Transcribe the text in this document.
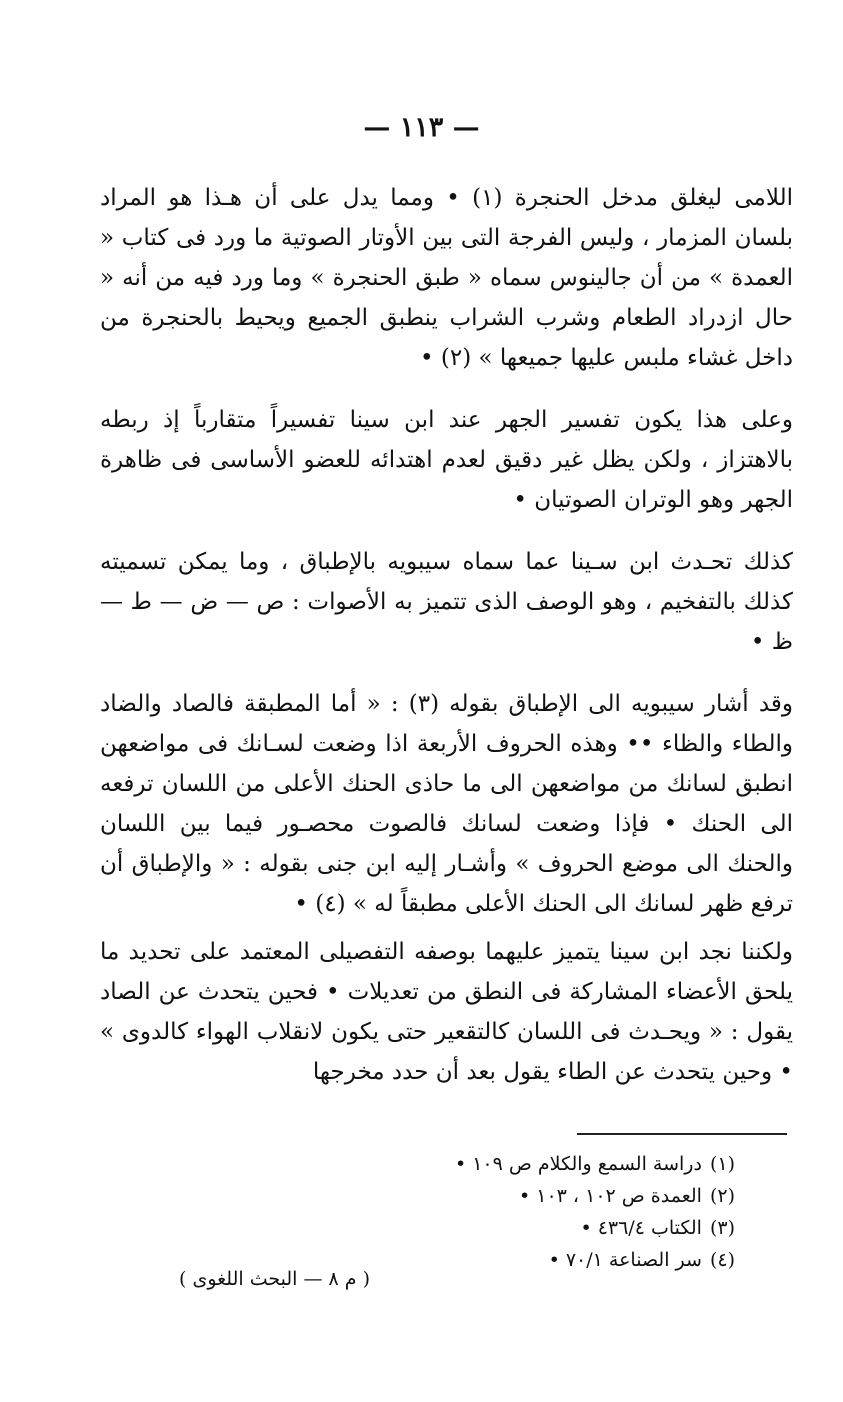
— ١١٣ —

اللامى ليغلق مدخل الحنجرة (١) • ومما يدل على أن هـذا هو المراد بلسان المزمار ، وليس الفرجة التى بين الأوتار الصوتية ما ورد فى كتاب « العمدة » من أن جالينوس سماه « طبق الحنجرة » وما ورد فيه من أنه « حال ازدراد الطعام وشرب الشراب ينطبق الجميع ويحيط بالحنجرة من داخل غشاء ملبس عليها جميعها » (٢) •

وعلى هذا يكون تفسير الجهر عند ابن سينا تفسيراً متقارباً إذ ربطه بالاهتزاز ، ولكن يظل غير دقيق لعدم اهتدائه للعضو الأساسى فى ظاهرة الجهر وهو الوتران الصوتيان •

كذلك تحـدث ابن سـينا عما سماه سيبويه بالإطباق ، وما يمكن تسميته كذلك بالتفخيم ، وهو الوصف الذى تتميز به الأصوات : ص — ض — ط — ظ •

وقد أشار سيبويه الى الإطباق بقوله (٣) : « أما المطبقة فالصاد والضاد والطاء والظاء •• وهذه الحروف الأربعة اذا وضعت لسـانك فى مواضعهن انطبق لسانك من مواضعهن الى ما حاذى الحنك الأعلى من اللسان ترفعه الى الحنك • فإذا وضعت لسانك فالصوت محصـور فيما بين اللسان والحنك الى موضع الحروف » وأشـار إليه ابن جنى بقوله : « والإطباق أن ترفع ظهر لسانك الى الحنك الأعلى مطبقاً له » (٤) •

ولكننا نجد ابن سينا يتميز عليهما بوصفه التفصيلى المعتمد على تحديد ما يلحق الأعضاء المشاركة فى النطق من تعديلات • فحين يتحدث عن الصاد يقول : « ويحـدث فى اللسان كالتقعير حتى يكون لانقلاب الهواء كالدوى » • وحين يتحدث عن الطاء يقول بعد أن حدد مخرجها

(١)دراسة السمع والكلام ص ١٠٩ •
(٢)العمدة ص ١٠٢ ، ١٠٣ •
(٣)الكتاب ٤٣٦/٤ •
(٤)سر الصناعة ٧٠/١ •
( م ٨ — البحث اللغوى )
